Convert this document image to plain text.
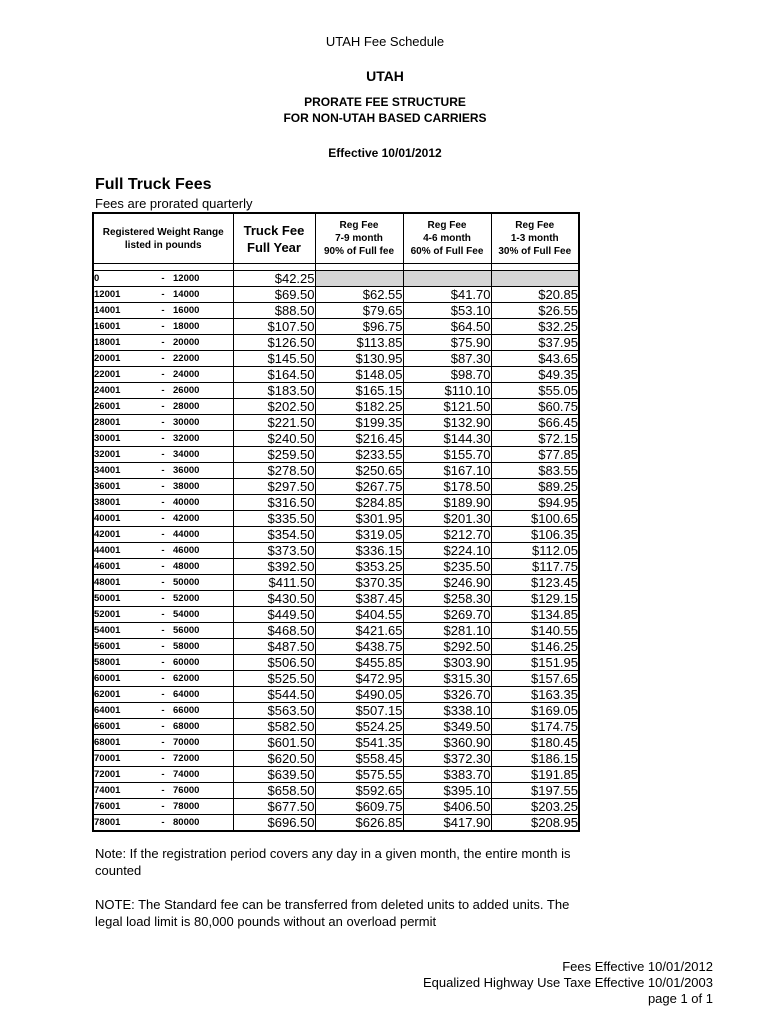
UTAH Fee Schedule
UTAH
PRORATE FEE STRUCTURE
FOR NON-UTAH BASED CARRIERS
Effective 10/01/2012
Full Truck Fees
Fees are prorated quarterly
Registered Weight Range
listed in pounds			Truck Fee
Full Year	Reg Fee
7-9 month
90% of Full fee	Reg Fee
4-6 month
60% of Full Fee	Reg Fee
1-3 month
30% of Full Fee

0	-	12000	$42.25			
12001	-	14000	$69.50	$62.55	$41.70	$20.85
14001	-	16000	$88.50	$79.65	$53.10	$26.55
16001	-	18000	$107.50	$96.75	$64.50	$32.25
18001	-	20000	$126.50	$113.85	$75.90	$37.95
20001	-	22000	$145.50	$130.95	$87.30	$43.65
22001	-	24000	$164.50	$148.05	$98.70	$49.35
24001	-	26000	$183.50	$165.15	$110.10	$55.05
26001	-	28000	$202.50	$182.25	$121.50	$60.75
28001	-	30000	$221.50	$199.35	$132.90	$66.45
30001	-	32000	$240.50	$216.45	$144.30	$72.15
32001	-	34000	$259.50	$233.55	$155.70	$77.85
34001	-	36000	$278.50	$250.65	$167.10	$83.55
36001	-	38000	$297.50	$267.75	$178.50	$89.25
38001	-	40000	$316.50	$284.85	$189.90	$94.95
40001	-	42000	$335.50	$301.95	$201.30	$100.65
42001	-	44000	$354.50	$319.05	$212.70	$106.35
44001	-	46000	$373.50	$336.15	$224.10	$112.05
46001	-	48000	$392.50	$353.25	$235.50	$117.75
48001	-	50000	$411.50	$370.35	$246.90	$123.45
50001	-	52000	$430.50	$387.45	$258.30	$129.15
52001	-	54000	$449.50	$404.55	$269.70	$134.85
54001	-	56000	$468.50	$421.65	$281.10	$140.55
56001	-	58000	$487.50	$438.75	$292.50	$146.25
58001	-	60000	$506.50	$455.85	$303.90	$151.95
60001	-	62000	$525.50	$472.95	$315.30	$157.65
62001	-	64000	$544.50	$490.05	$326.70	$163.35
64001	-	66000	$563.50	$507.15	$338.10	$169.05
66001	-	68000	$582.50	$524.25	$349.50	$174.75
68001	-	70000	$601.50	$541.35	$360.90	$180.45
70001	-	72000	$620.50	$558.45	$372.30	$186.15
72001	-	74000	$639.50	$575.55	$383.70	$191.85
74001	-	76000	$658.50	$592.65	$395.10	$197.55
76001	-	78000	$677.50	$609.75	$406.50	$203.25
78001	-	80000	$696.50	$626.85	$417.90	$208.95
Note: If the registration period covers any day in a given month, the entire month is counted
NOTE: The Standard fee can be transferred from deleted units to added units. The legal load limit is 80,000 pounds without an overload permit
Fees Effective 10/01/2012
Equalized Highway Use Taxe Effective 10/01/2003
page 1 of 1
